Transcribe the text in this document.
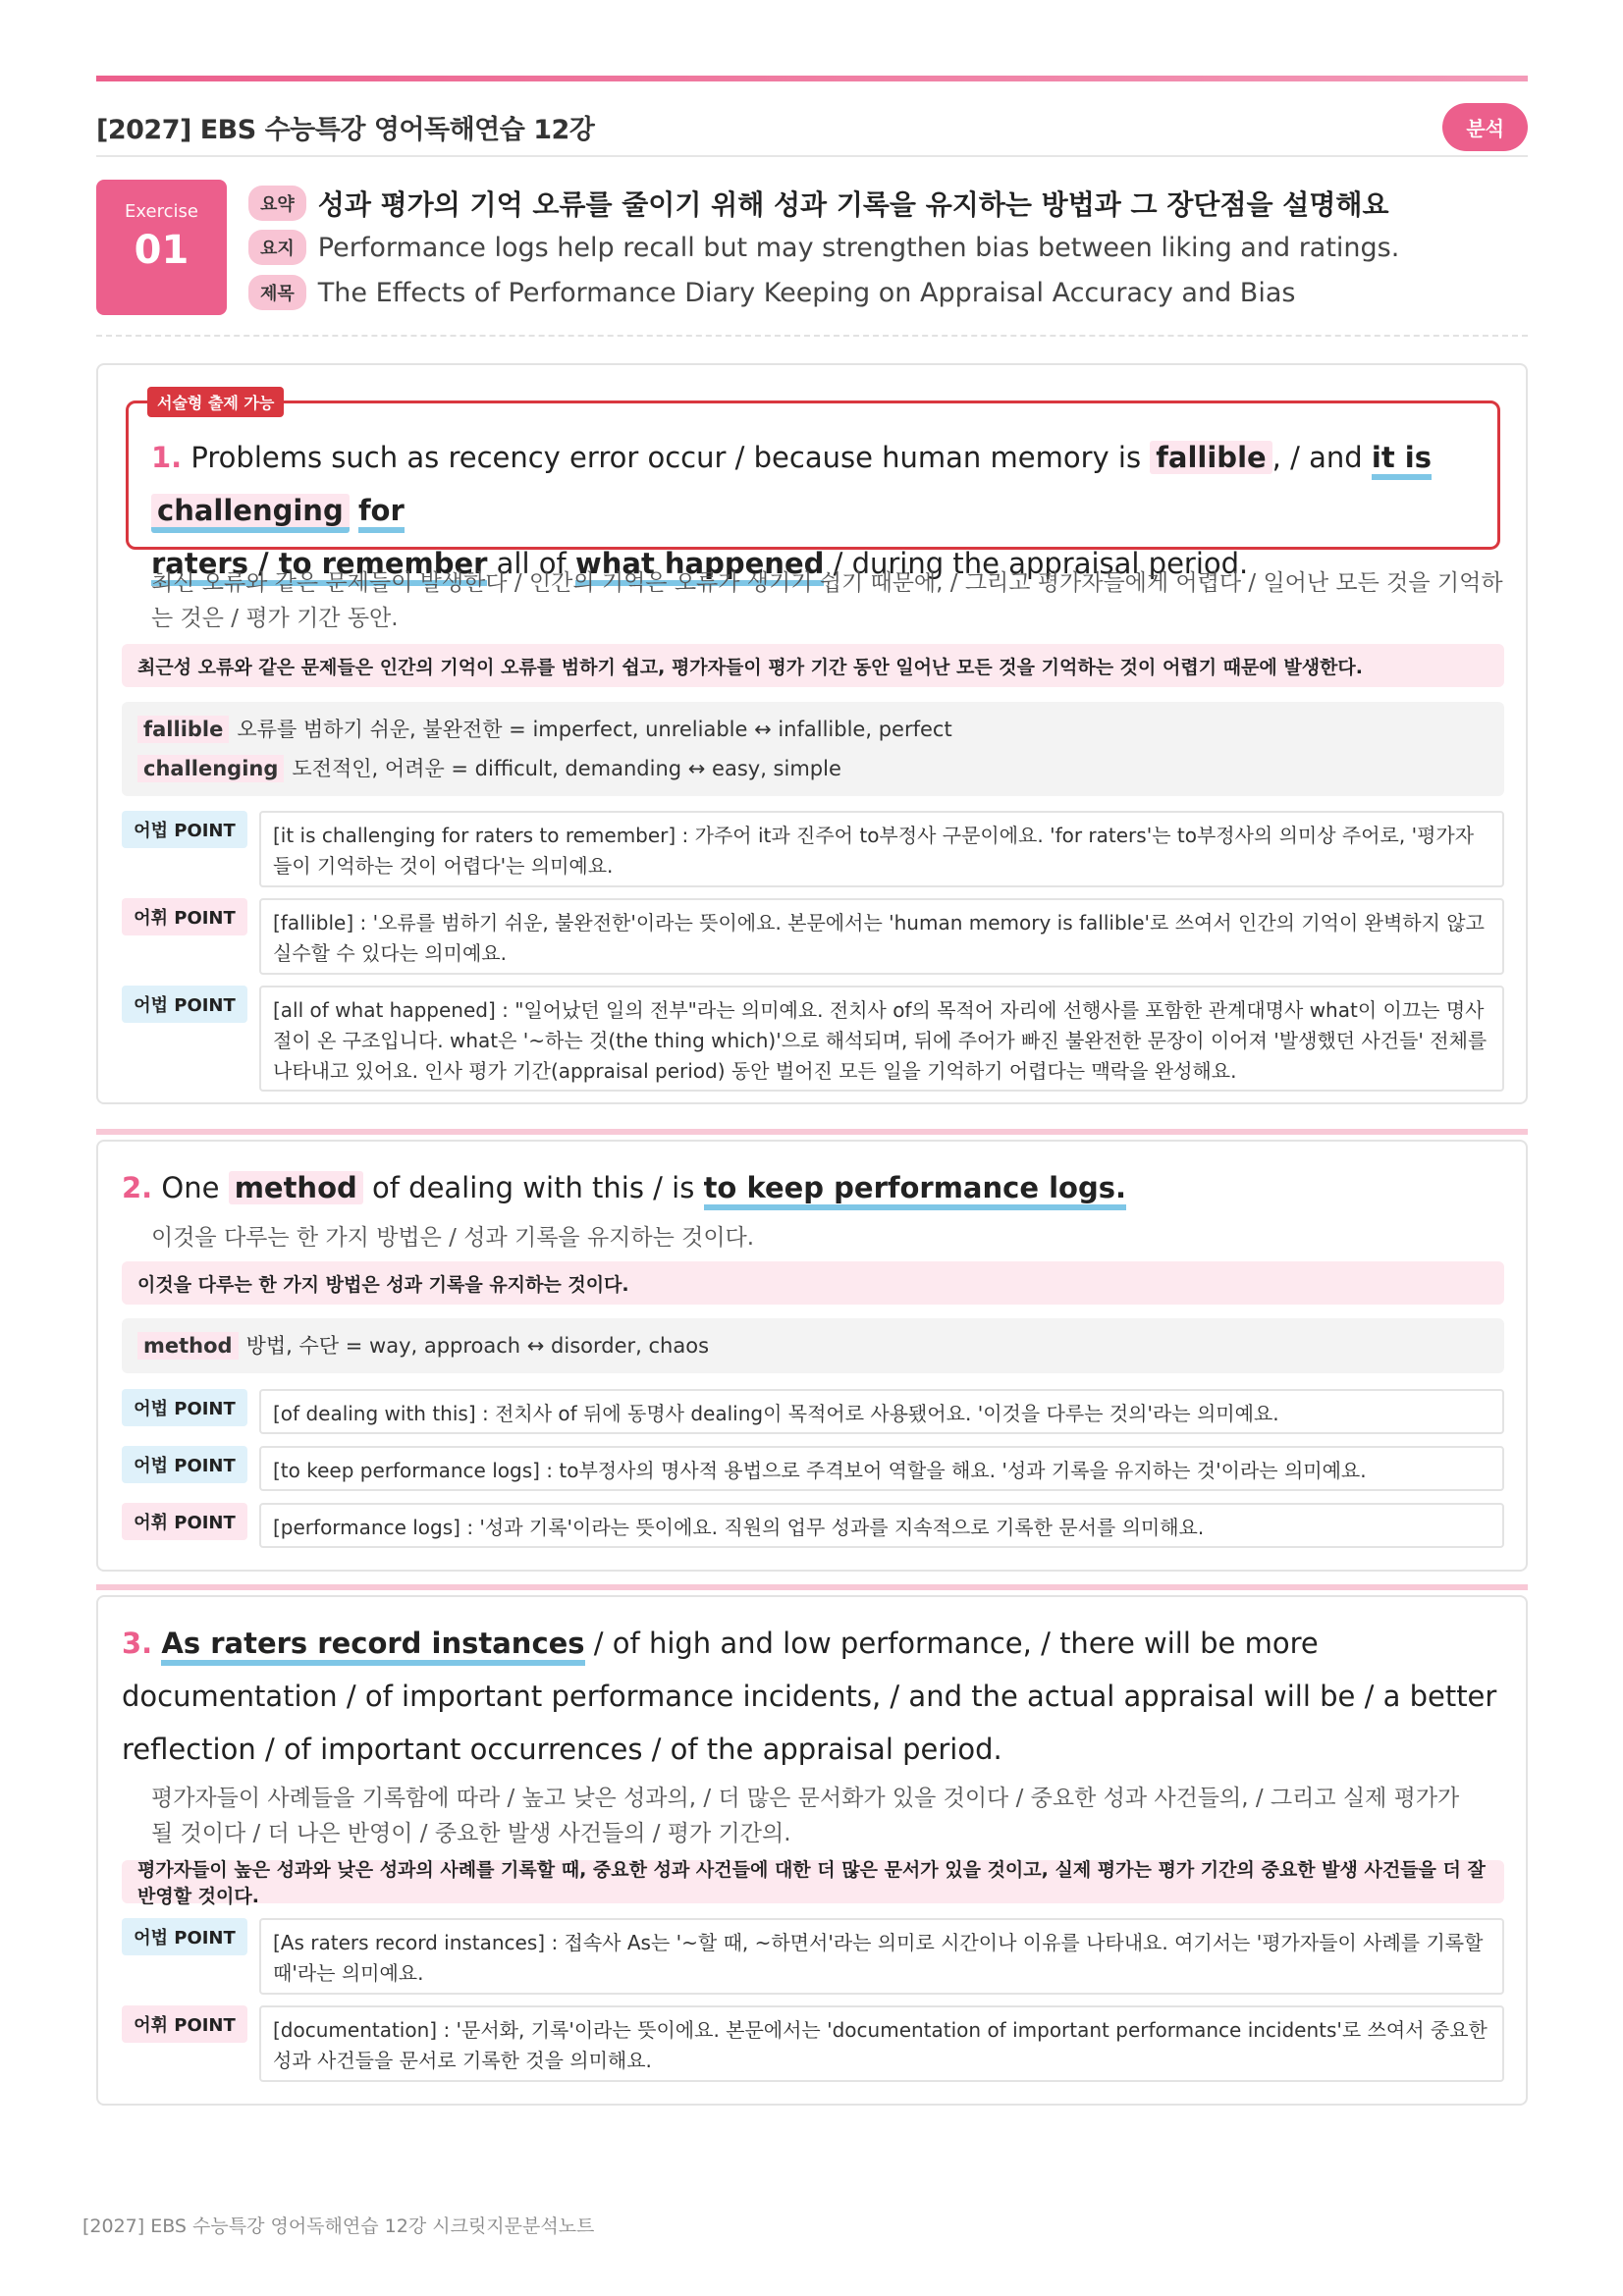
[2027] EBS 수능특강 영어독해연습 12강	분석
Exercise
01
요약 성과 평가의 기억 오류를 줄이기 위해 성과 기록을 유지하는 방법과 그 장단점을 설명해요
요지 Performance logs help recall but may strengthen bias between liking and ratings.
제목 The Effects of Performance Diary Keeping on Appraisal Accuracy and Bias
서술형 출제 가능
1. Problems such as recency error occur / because human memory is fallible , / and it is challenging for
raters / to remember all of what happened / during the appraisal period.
최신 오류와 같은 문제들이 발생한다 / 인간의 기억은 오류가 생기기 쉽기 때문에, / 그리고 평가자들에게 어렵다 / 일어난 모든 것을 기억하는 것은 / 평가 기간 동안.
최근성 오류와 같은 문제들은 인간의 기억이 오류를 범하기 쉽고, 평가자들이 평가 기간 동안 일어난 모든 것을 기억하는 것이 어렵기 때문에 발생한다.
fallible 오류를 범하기 쉬운, 불완전한 = imperfect, unreliable ↔ infallible, perfect
challenging 도전적인, 어려운 = difficult, demanding ↔ easy, simple
어법 POINT	[it is challenging for raters to remember] : 가주어 it과 진주어 to부정사 구문이에요. 'for raters'는 to부정사의 의미상 주어로, '평가자들이 기억하는 것이 어렵다'는 의미예요.
어휘 POINT	[fallible] : '오류를 범하기 쉬운, 불완전한'이라는 뜻이에요. 본문에서는 'human memory is fallible'로 쓰여서 인간의 기억이 완벽하지 않고 실수할 수 있다는 의미예요.
어법 POINT	[all of what happened] : "일어났던 일의 전부"라는 의미예요. 전치사 of의 목적어 자리에 선행사를 포함한 관계대명사 what이 이끄는 명사절이 온 구조입니다. what은 '~하는 것(the thing which)'으로 해석되며, 뒤에 주어가 빠진 불완전한 문장이 이어져 '발생했던 사건들' 전체를 나타내고 있어요. 인사 평가 기간(appraisal period) 동안 벌어진 모든 일을 기억하기 어렵다는 맥락을 완성해요.
2. One method of dealing with this / is to keep performance logs.
이것을 다루는 한 가지 방법은 / 성과 기록을 유지하는 것이다.
이것을 다루는 한 가지 방법은 성과 기록을 유지하는 것이다.
method 방법, 수단 = way, approach ↔ disorder, chaos
어법 POINT	[of dealing with this] : 전치사 of 뒤에 동명사 dealing이 목적어로 사용됐어요. '이것을 다루는 것의'라는 의미예요.
어법 POINT	[to keep performance logs] : to부정사의 명사적 용법으로 주격보어 역할을 해요. '성과 기록을 유지하는 것'이라는 의미예요.
어휘 POINT	[performance logs] : '성과 기록'이라는 뜻이에요. 직원의 업무 성과를 지속적으로 기록한 문서를 의미해요.
3. As raters record instances / of high and low performance, / there will be more documentation / of important performance incidents, / and the actual appraisal will be / a better reflection / of important occurrences / of the appraisal period.
평가자들이 사례들을 기록함에 따라 / 높고 낮은 성과의, / 더 많은 문서화가 있을 것이다 / 중요한 성과 사건들의, / 그리고 실제 평가가 될 것이다 / 더 나은 반영이 / 중요한 발생 사건들의 / 평가 기간의.
평가자들이 높은 성과와 낮은 성과의 사례를 기록할 때, 중요한 성과 사건들에 대한 더 많은 문서가 있을 것이고, 실제 평가는 평가 기간의 중요한 발생 사건들을 더 잘 반영할 것이다.
어법 POINT	[As raters record instances] : 접속사 As는 '~할 때, ~하면서'라는 의미로 시간이나 이유를 나타내요. 여기서는 '평가자들이 사례를 기록할 때'라는 의미예요.
어휘 POINT	[documentation] : '문서화, 기록'이라는 뜻이에요. 본문에서는 'documentation of important performance incidents'로 쓰여서 중요한 성과 사건들을 문서로 기록한 것을 의미해요.
[2027] EBS 수능특강 영어독해연습 12강 시크릿지문분석노트
